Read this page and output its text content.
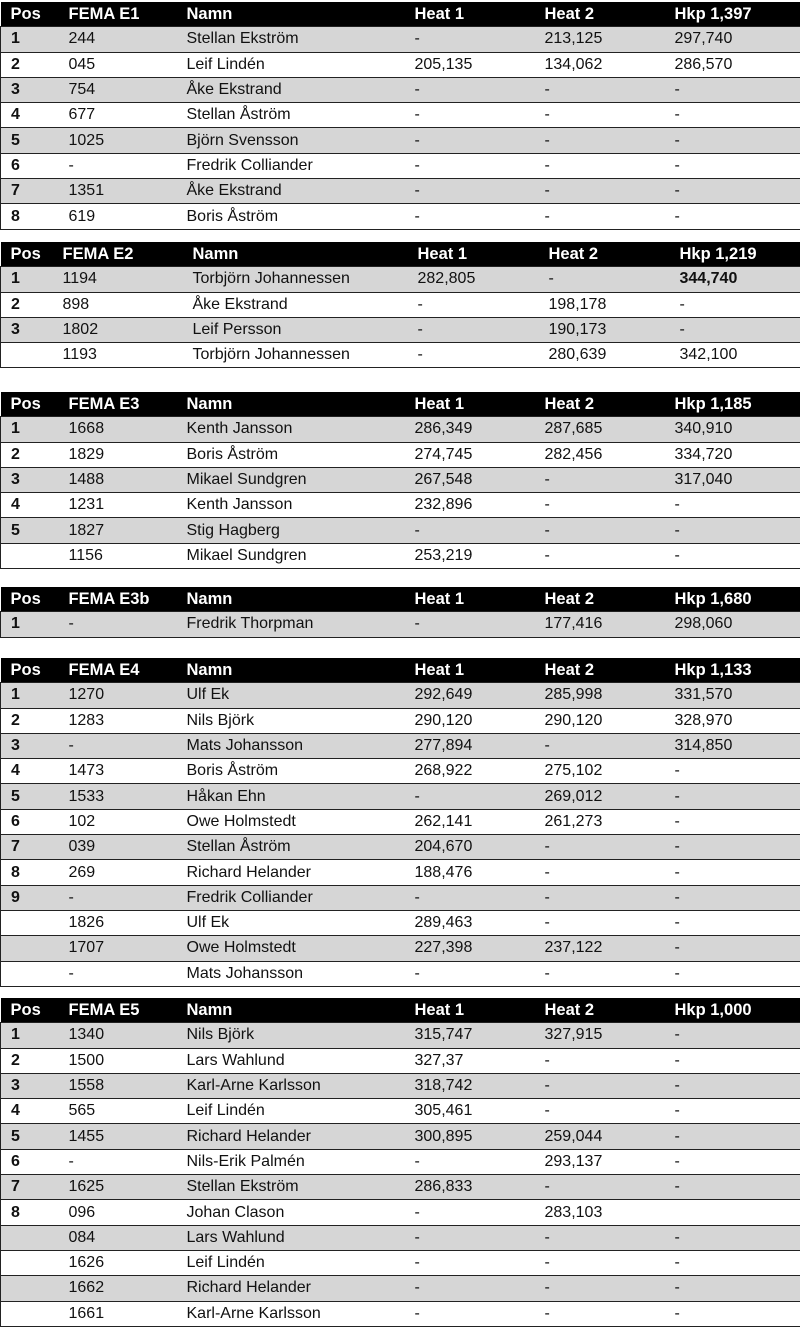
Pos	FEMA E1	Namn	Heat 1	Heat 2	Hkp 1,397
1	244	Stellan Ekström	-	213,125	297,740
2	045	Leif Lindén	205,135	134,062	286,570
3	754	Åke Ekstrand	-	-	-
4	677	Stellan Åström	-	-	-
5	1025	Björn Svensson	-	-	-
6	-	Fredrik Colliander	-	-	-
7	1351	Åke Ekstrand	-	-	-
8	619	Boris Åström	-	-	-
Pos	FEMA E2	Namn	Heat 1	Heat 2	Hkp 1,219
1	1194	Torbjörn Johannessen	282,805	-	344,740
2	898	Åke Ekstrand	-	198,178	-
3	1802	Leif Persson	-	190,173	-
	1193	Torbjörn Johannessen	-	280,639	342,100
Pos	FEMA E3	Namn	Heat 1	Heat 2	Hkp 1,185
1	1668	Kenth Jansson	286,349	287,685	340,910
2	1829	Boris Åström	274,745	282,456	334,720
3	1488	Mikael Sundgren	267,548	-	317,040
4	1231	Kenth Jansson	232,896	-	-
5	1827	Stig Hagberg	-	-	-
	1156	Mikael Sundgren	253,219	-	-
Pos	FEMA E3b	Namn	Heat 1	Heat 2	Hkp 1,680
1	-	Fredrik Thorpman	-	177,416	298,060
Pos	FEMA E4	Namn	Heat 1	Heat 2	Hkp 1,133
1	1270	Ulf Ek	292,649	285,998	331,570
2	1283	Nils Björk	290,120	290,120	328,970
3	-	Mats Johansson	277,894	-	314,850
4	1473	Boris Åström	268,922	275,102	-
5	1533	Håkan Ehn	-	269,012	-
6	102	Owe Holmstedt	262,141	261,273	-
7	039	Stellan Åström	204,670	-	-
8	269	Richard Helander	188,476	-	-
9	-	Fredrik Colliander	-	-	-
	1826	Ulf Ek	289,463	-	-
	1707	Owe Holmstedt	227,398	237,122	-
	-	Mats Johansson	-	-	-
Pos	FEMA E5	Namn	Heat 1	Heat 2	Hkp 1,000
1	1340	Nils Björk	315,747	327,915	-
2	1500	Lars Wahlund	327,37	-	-
3	1558	Karl-Arne Karlsson	318,742	-	-
4	565	Leif Lindén	305,461	-	-
5	1455	Richard Helander	300,895	259,044	-
6	-	Nils-Erik Palmén	-	293,137	-
7	1625	Stellan Ekström	286,833	-	-
8	096	Johan Clason	-	283,103	
	084	Lars Wahlund	-	-	-
	1626	Leif Lindén	-	-	-
	1662	Richard Helander	-	-	-
	1661	Karl-Arne Karlsson	-	-	-
